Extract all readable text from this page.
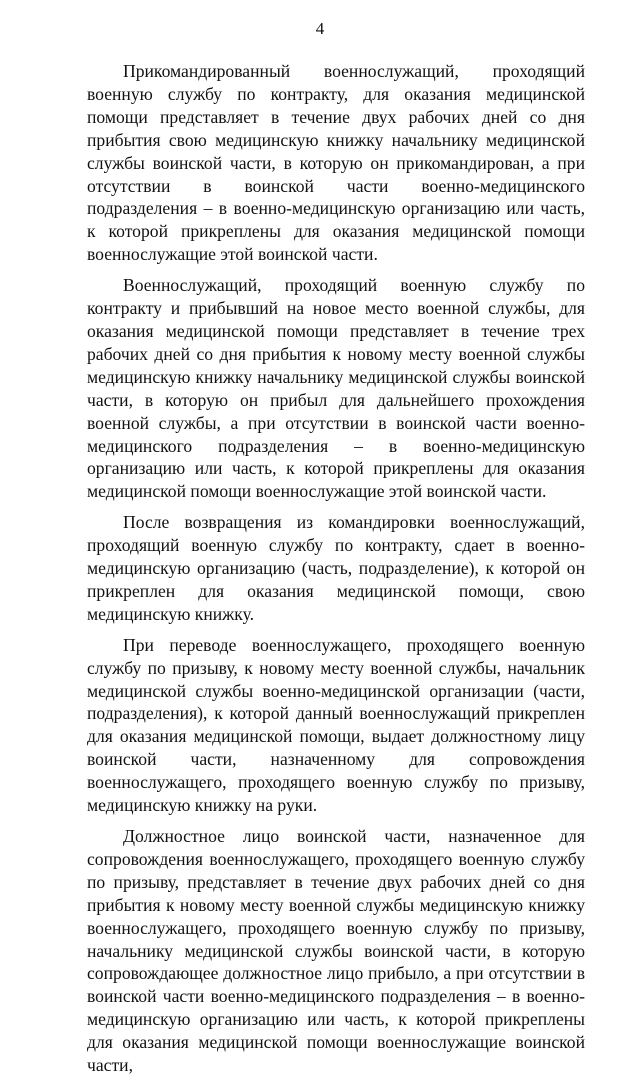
4

Прикомандированный военнослужащий, проходящий военную службу по контракту, для оказания медицинской помощи представляет в течение двух рабочих дней со дня прибытия свою медицинскую книжку начальнику медицинской службы воинской части, в которую он прикомандирован, а при отсутствии в воинской части военно-медицинского подразделения – в военно-медицинскую организацию или часть, к которой прикреплены для оказания медицинской помощи военнослужащие этой воинской части.

Военнослужащий, проходящий военную службу по контракту и прибывший на новое место военной службы, для оказания медицинской помощи представляет в течение трех рабочих дней со дня прибытия к новому месту военной службы медицинскую книжку начальнику медицинской службы воинской части, в которую он прибыл для дальнейшего прохождения военной службы, а при отсутствии в воинской части военно-медицинского подразделения – в военно-медицинскую организацию или часть, к которой прикреплены для оказания медицинской помощи военнослужащие этой воинской части.

После возвращения из командировки военнослужащий, проходящий военную службу по контракту, сдает в военно-медицинскую организацию (часть, подразделение), к которой он прикреплен для оказания медицинской помощи, свою медицинскую книжку.

При переводе военнослужащего, проходящего военную службу по призыву, к новому месту военной службы, начальник медицинской службы военно-медицинской организации (части, подразделения), к которой данный военнослужащий прикреплен для оказания медицинской помощи, выдает должностному лицу воинской части, назначенному для сопровождения военнослужащего, проходящего военную службу по призыву, медицинскую книжку на руки.

Должностное лицо воинской части, назначенное для сопровождения военнослужащего, проходящего военную службу по призыву, представляет в течение двух рабочих дней со дня прибытия к новому месту военной службы медицинскую книжку военнослужащего, проходящего военную службу по призыву, начальнику медицинской службы воинской части, в которую сопровождающее должностное лицо прибыло, а при отсутствии в воинской части военно-медицинского подразделения – в военно-медицинскую организацию или часть, к которой прикреплены для оказания медицинской помощи военнослужащие воинской части,
